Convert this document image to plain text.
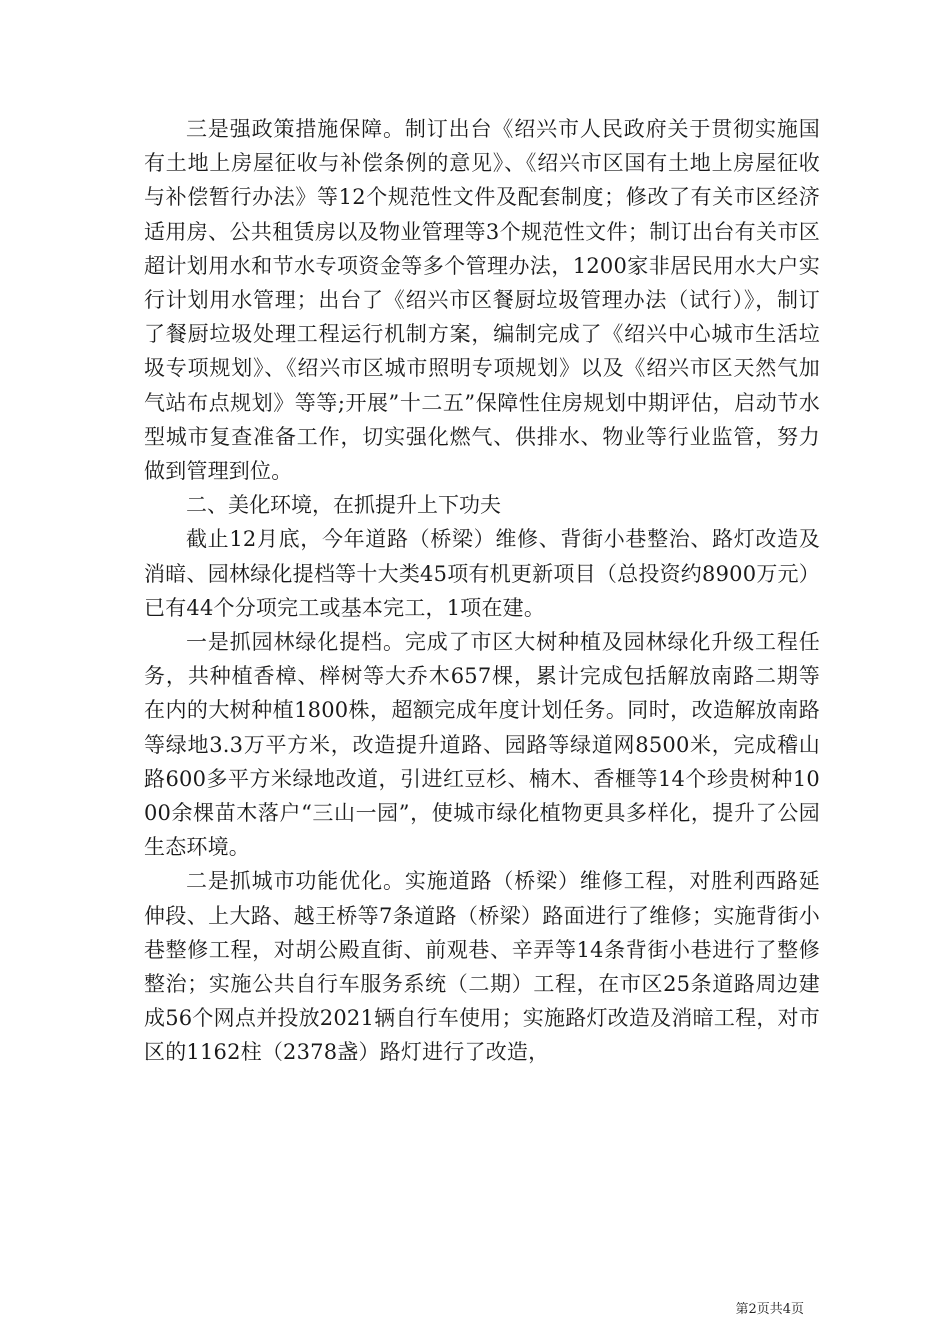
三是强政策措施保障。制订出台《绍兴市人民政府关于贯彻实施国有土地上房屋征收与补偿条例的意见》、《绍兴市区国有土地上房屋征收与补偿暂行办法》等12个规范性文件及配套制度；修改了有关市区经济适用房、公共租赁房以及物业管理等3个规范性文件；制订出台有关市区超计划用水和节水专项资金等多个管理办法，1200家非居民用水大户实行计划用水管理；出台了《绍兴市区餐厨垃圾管理办法（试行）》，制订了餐厨垃圾处理工程运行机制方案，编制完成了《绍兴中心城市生活垃圾专项规划》、《绍兴市区城市照明专项规划》以及《绍兴市区天然气加气站布点规划》等等;开展”十二五”保障性住房规划中期评估，启动节水型城市复查准备工作，切实强化燃气、供排水、物业等行业监管，努力做到管理到位。

二、美化环境，在抓提升上下功夫

截止12月底，今年道路（桥梁）维修、背街小巷整治、路灯改造及消暗、园林绿化提档等十大类45项有机更新项目（总投资约8900万元）已有44个分项完工或基本完工，1项在建。

一是抓园林绿化提档。完成了市区大树种植及园林绿化升级工程任务，共种植香樟、榉树等大乔木657棵，累计完成包括解放南路二期等在内的大树种植1800株，超额完成年度计划任务。同时，改造解放南路等绿地3.3万平方米，改造提升道路、园路等绿道网8500米，完成稽山路600多平方米绿地改道，引进红豆杉、楠木、香榧等14个珍贵树种1000余棵苗木落户“三山一园”，使城市绿化植物更具多样化，提升了公园生态环境。

二是抓城市功能优化。实施道路（桥梁）维修工程，对胜利西路延伸段、上大路、越王桥等7条道路（桥梁）路面进行了维修；实施背街小巷整修工程，对胡公殿直街、前观巷、辛弄等14条背街小巷进行了整修整治；实施公共自行车服务系统（二期）工程，在市区25条道路周边建成56个网点并投放2021辆自行车使用；实施路灯改造及消暗工程，对市区的1162柱（2378盏）路灯进行了改造，

第2页共4页
